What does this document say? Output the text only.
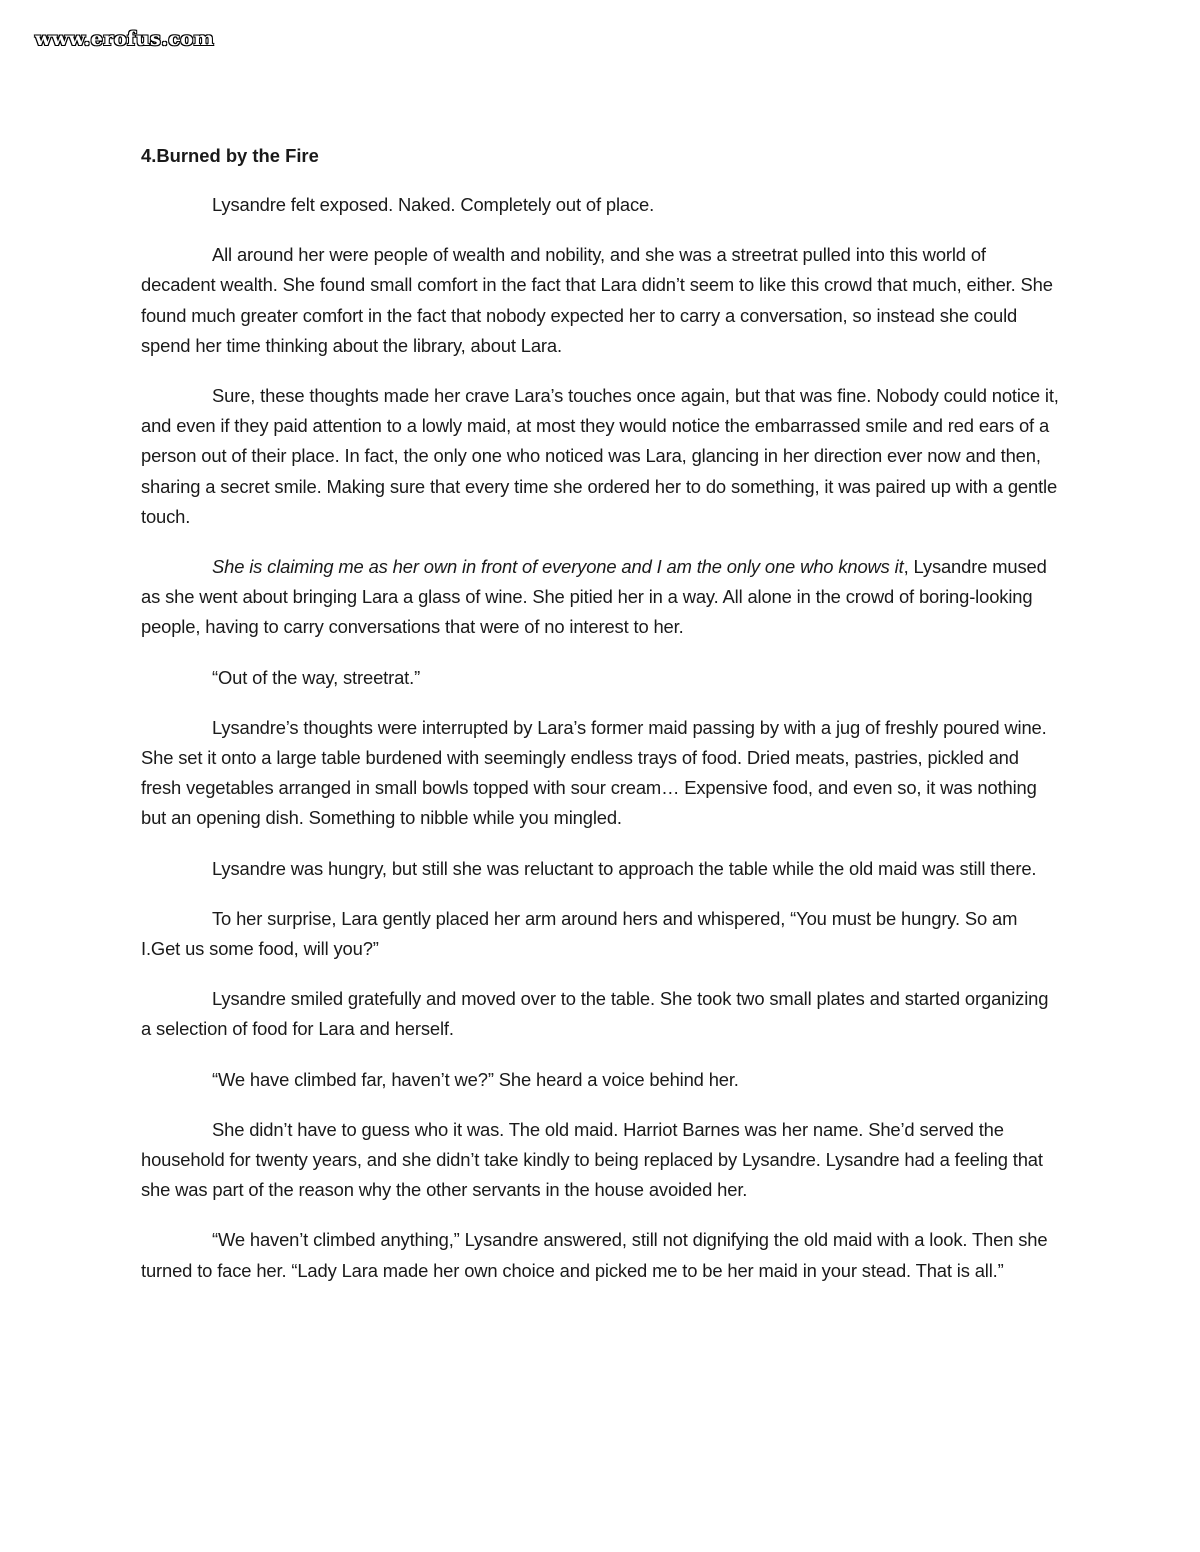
www.erofus.com
4.Burned by the Fire

Lysandre felt exposed. Naked. Completely out of place.

All around her were people of wealth and nobility, and she was a streetrat pulled into this world of decadent wealth. She found small comfort in the fact that Lara didn’t seem to like this crowd that much, either. She found much greater comfort in the fact that nobody expected her to carry a conversation, so instead she could spend her time thinking about the library, about Lara.

Sure, these thoughts made her crave Lara’s touches once again, but that was fine. Nobody could notice it, and even if they paid attention to a lowly maid, at most they would notice the embarrassed smile and red ears of a person out of their place. In fact, the only one who noticed was Lara, glancing in her direction ever now and then, sharing a secret smile. Making sure that every time she ordered her to do something, it was paired up with a gentle touch.

She is claiming me as her own in front of everyone and I am the only one who knows it, Lysandre mused as she went about bringing Lara a glass of wine. She pitied her in a way. All alone in the crowd of boring-looking people, having to carry conversations that were of no interest to her.

“Out of the way, streetrat.”

Lysandre’s thoughts were interrupted by Lara’s former maid passing by with a jug of freshly poured wine. She set it onto a large table burdened with seemingly endless trays of food. Dried meats, pastries, pickled and fresh vegetables arranged in small bowls topped with sour cream… Expensive food, and even so, it was nothing but an opening dish. Something to nibble while you mingled.

Lysandre was hungry, but still she was reluctant to approach the table while the old maid was still there.

To her surprise, Lara gently placed her arm around hers and whispered, “You must be hungry. So am I.Get us some food, will you?”

Lysandre smiled gratefully and moved over to the table. She took two small plates and started organizing a selection of food for Lara and herself.

“We have climbed far, haven’t we?” She heard a voice behind her.

She didn’t have to guess who it was. The old maid. Harriot Barnes was her name. She’d served the household for twenty years, and she didn’t take kindly to being replaced by Lysandre. Lysandre had a feeling that she was part of the reason why the other servants in the house avoided her.

“We haven’t climbed anything,” Lysandre answered, still not dignifying the old maid with a look. Then she turned to face her. “Lady Lara made her own choice and picked me to be her maid in your stead. That is all.”
